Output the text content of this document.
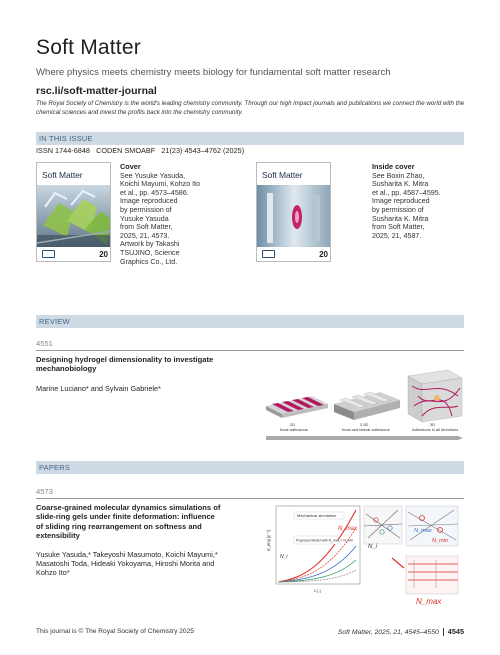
Soft Matter
Where physics meets chemistry meets biology for fundamental soft matter research
rsc.li/soft-matter-journal
The Royal Society of Chemistry is the world's leading chemistry community. Through our high impact journals and publications we connect the world with the chemical sciences and invest the profits back into the chemistry community.
IN THIS ISSUE
ISSN 1744-6848 CODEN SMOABF 21(23) 4543–4762 (2025)
Soft Matter
20
Cover
See Yusuke Yasuda,
Koichi Mayumi, Kohzo Ito
et al., pp. 4573–4586.
Image reproduced
by permission of
Yusuke Yasuda
from Soft Matter,
2025, 21, 4573.
Artwork by Takashi
TSUJINO, Science
Graphics Co., Ltd.
Soft Matter
20
Inside cover
See Boxin Zhao,
Susharita K. Mitra
et al., pp. 4587–4595.
Image reproduced
by permission of
Susharita K. Mitra
from Soft Matter,
2025, 21, 4587.
REVIEW
4551
Designing hydrogel dimensionality to investigate
mechanobiology
Marine Luciano* and Sylvain Gabriele*
2D
focal adhesions
2.5D
focal and lateral adhesions
3D
Adhesions in all directions
PAPERS
4573
Coarse-grained molecular dynamics simulations of
slide-ring gels under finite deformation: influence
of sliding ring rearrangement on softness and
extensibility
Yusuke Yasuda,* Takeyoshi Masumoto, Koichi Mayumi,*
Masatoshi Toda, Hideaki Yokoyama, Hiroshi Morita and
Kohzo Ito*
Mechanical simulation
Proposed Model with N_max = N_min
σ_eng [ε⁻³]
λ [-]
N_max
N_i
N_i
N_max
N_min
N_max
This journal is © The Royal Society of Chemistry 2025	Soft Matter, 2025, 21, 4545–4550 4545
